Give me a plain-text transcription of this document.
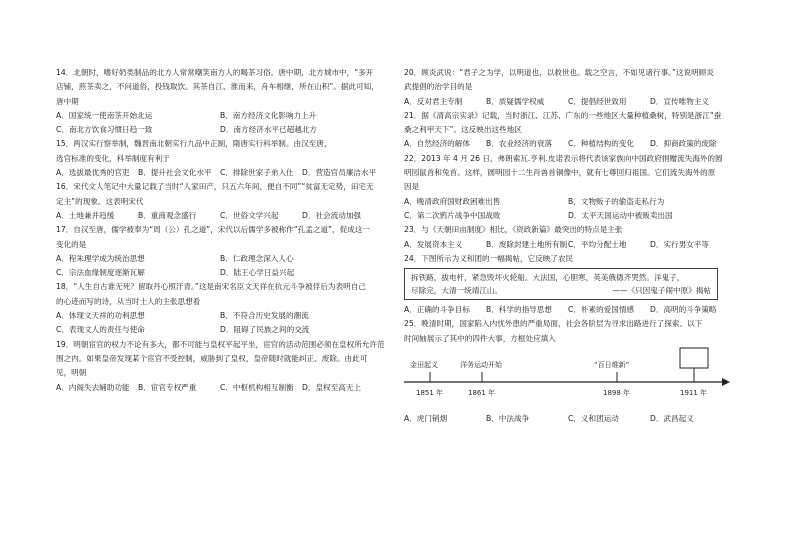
14．北朝时，嗜好奶类制品的北方人常常嘲笑南方人的喝茶习俗。唐中期，北方城市中，“多开
店铺，煎茶卖之，不问道俗，投钱取饮。其茶自江、淮而来，舟车相继，所在山积”。据此可知，
唐中期
A．国家统一使南茶开始北运	B．南方经济文化影响力上升
C．南北方饮食习惯日趋一致	D．南方经济水平已超越北方
15．两汉实行察举制，魏晋南北朝实行九品中正制，隋唐实行科举制。由汉至唐，
选官标准的变化，科举制度有利于
A．选拔最优秀的官吏 B．提升社会文化水平 C．排除世家子弟入仕 D．营造官员廉洁水平
16．宋代文人笔记中大量记载了当时“人家田产，只五六年间，便自不同”“贫富无定势，田宅无
定主”的现象。这表明宋代
A．土地兼并趋缓	B．重商观念盛行	C．世俗文学兴起	D．社会流动加强
17．自汉至唐，儒学被奉为“周（公）孔之道”，宋代以后儒学多被称作“孔孟之道”，促成这一
变化的是
A．程朱理学成为统治思想	B．仁政理念深入人心
C．宗法血缘制度逐渐瓦解	D．陆王心学日益兴起
18．“人生自古谁无死？留取丹心照汗青。”这是南宋名臣文天祥在抗元斗争被俘后为表明自己
的心迹而写的诗，从当时士人的主张思想看
A．体现文天祥的功利思想	B．不符合历史发展的潮流
C．表现文人的责任与使命	D．阻碍了民族之间的交流
19．明朝宦官的权力不论有多大，都不可能与皇权平起平坐，宦官的活动范围必须在皇权所允许范
围之内。如果皇帝发现某个宦官不受控制，威胁到了皇权，皇帝随时就能纠正、废除。由此可
见，明朝
A．内阁失去辅助功能 B．宦官专权严重	C．中枢机构相互制衡 D．皇权至高无上
20．顾炎武说：“君子之为学，以明道也，以救世也。载之空言，不如见诸行事。”这说明顾炎
武提倡的治学目的是
A．反对君主专制	B．质疑儒学权威	C．提倡经世致用	D．宣传唯物主义
21．据《清高宗实录》记载，当时浙江、江苏、广东的一些地区大量种植桑树，特别是浙江“蚕
桑之利甲天下”。这反映出这些地区
A．自然经济的解体 B．农业经济的衰落 C．种植结构的变化 D．抑商政策的废除
22．2013 年 4 月 26 日，弗朗索瓦.亨利.皮诺表示将代表该家族向中国政府捐赠流失海外的圆
明园鼠首和兔首。这样，圆明园十二生肖兽首铜像中，就有七尊回归祖国。它们流失海外的原
因是
A．晚清政府国财政困难出售	B．文物贩子的偷盗走私行为
C．第二次鸦片战争中国战败	D．太平天国运动中被贩卖出国
23．与《天朝田亩制度》相比，《资政新篇》最突出的特点是主张
A．发展资本主义	B．废除封建土地所有制 C．平均分配土地	D．实行男女平等
24．下图所示为义和团的一幅揭帖，它反映了农民
拆铁路，拔电杆，紧急毁坏火轮船。大法国，心胆寒，英美俄德齐哭然。洋鬼子，
尽除完，大清一统靖江山。	——《只因鬼子闹中原》揭帖
A．正确的斗争目标 B．科学的指导思想 C．朴素的爱国情感 D．高明的斗争策略
25．晚清时期，国家陷入内忧外患的严重局面，社会各阶层为寻求出路进行了探索。以下
时间轴展示了其中的四件大事，方框处应填入
金田起义	洋务运动开始	“百日维新”
1851 年	1861 年	1898 年	1911 年
A．虎门销烟	B．中法战争	C．义和团运动	D．武昌起义
